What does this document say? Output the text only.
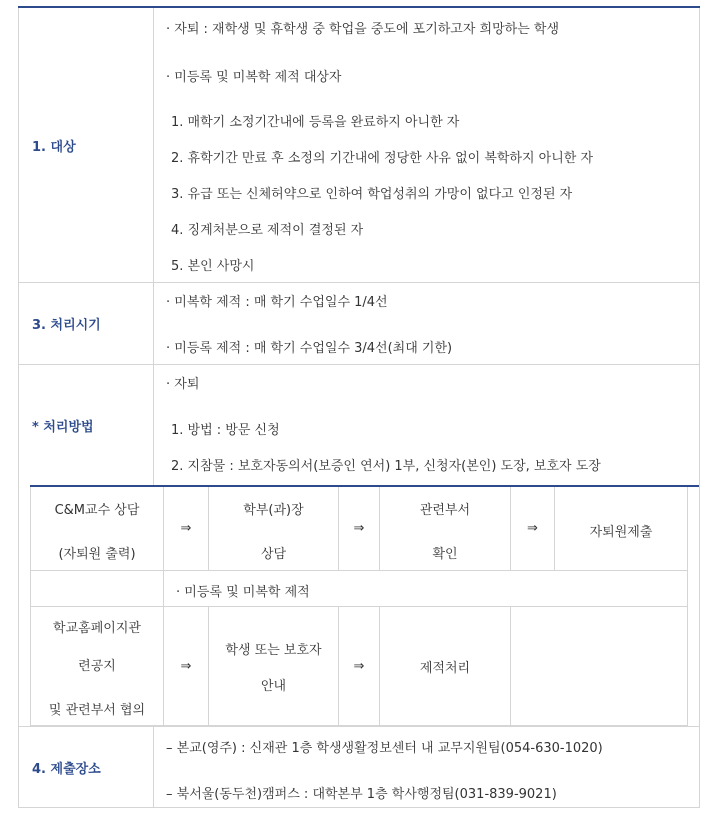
1. 대상
· 자퇴 : 재학생 및 휴학생 중 학업을 중도에 포기하고자 희망하는 학생
· 미등록 및 미복학 제적 대상자
1. 매학기 소정기간내에 등록을 완료하지 아니한 자
2. 휴학기간 만료 후 소정의 기간내에 정당한 사유 없이 복학하지 아니한 자
3. 유급 또는 신체허약으로 인하여 학업성취의 가망이 없다고 인정된 자
4. 징계처분으로 제적이 결정된 자
5. 본인 사망시
3. 처리시기
· 미복학 제적 : 매 학기 수업일수 1/4선
· 미등록 제적 : 매 학기 수업일수 3/4선(최대 기한)
* 처리방법
· 자퇴
1. 방법 : 방문 신청
2. 지참물 : 보호자동의서(보증인 연서) 1부, 신청자(본인) 도장, 보호자 도장
C&M교수 상담
(자퇴원 출력)
⇒
학부(과)장
상담
⇒
관련부서
확인
⇒	자퇴원제출
· 미등록 및 미복학 제적
학교홈페이지관
련공지
및 관련부서 협의
⇒
학생 또는 보호자
안내
⇒	제적처리
4. 제출장소
– 본교(영주) : 신재관 1층 학생생활정보센터 내 교무지원팀(054-630-1020)
– 북서울(동두천)캠퍼스 : 대학본부 1층 학사행정팀(031-839-9021)
